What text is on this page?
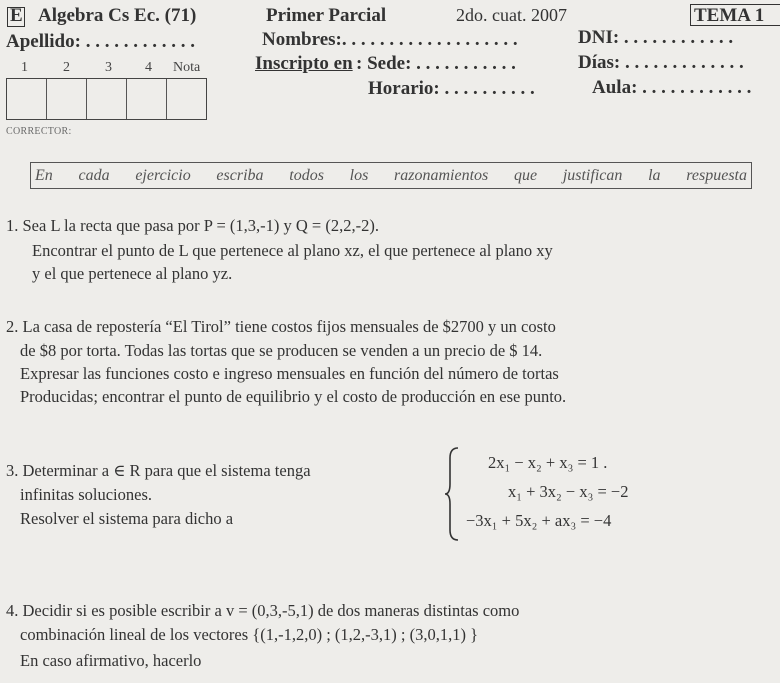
E Algebra Cs Ec. (71)	Primer Parcial	2do. cuat. 2007	TEMA 1
Apellido: . . . . . . . . . . . .	Nombres:. . . . . . . . . . . . . . . . . . .	DNI: . . . . . . . . . . . .
1	2	3 4 Nota	Inscripto en : Sede: . . . . . . . . . . .	Días: . . . . . . . . . . . . .
Horario: . . . . . . . . . .	Aula: . . . . . . . . . . . .
CORRECTOR:
En cada ejercicio escriba todos los razonamientos que justifican la respuesta
1. Sea L la recta que pasa por P = (1,3,-1) y Q = (2,2,-2).
Encontrar el punto de L que pertenece al plano xz, el que pertenece al plano xy
y el que pertenece al plano yz.
2. La casa de repostería “El Tirol” tiene costos fijos mensuales de $2700 y un costo
de $8 por torta. Todas las tortas que se producen se venden a un precio de $ 14.
Expresar las funciones costo e ingreso mensuales en función del número de tortas
Producidas; encontrar el punto de equilibrio y el costo de producción en ese punto.
3. Determinar a ∈ R para que el sistema tenga
infinitas soluciones.
Resolver el sistema para dicho a
2x₁ − x₂ + x₃ = 1 .
x₁ + 3x₂ − x₃ = −2
−3x₁ + 5x₂ + ax₃ = −4
4. Decidir si es posible escribir a v = (0,3,-5,1) de dos maneras distintas como
combinación lineal de los vectores {(1,-1,2,0) ; (1,2,-3,1) ; (3,0,1,1) }
En caso afirmativo, hacerlo
